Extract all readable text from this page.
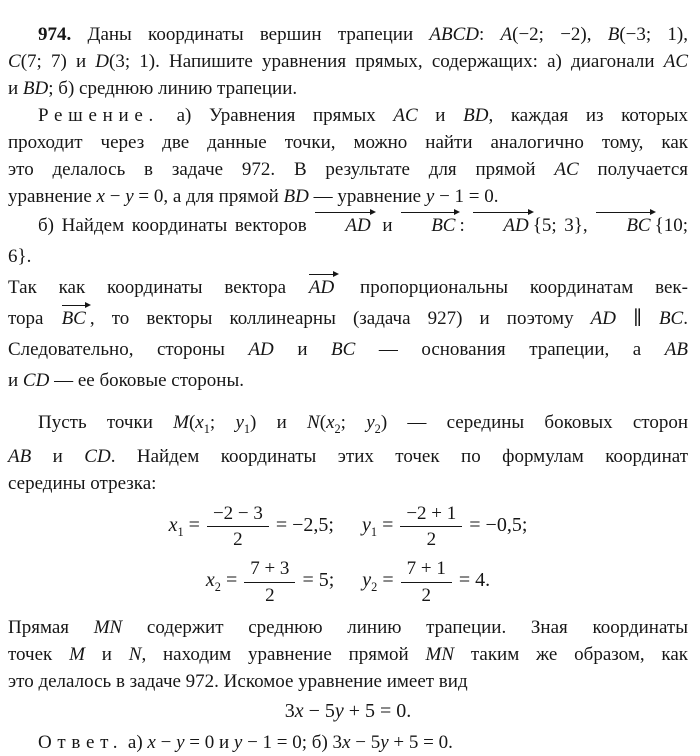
974. Даны координаты вершин трапеции ABCD: A(−2; −2), B(−3; 1),
C(7; 7) и D(3; 1). Напишите уравнения прямых, содержащих: а) диагонали AC
и BD; б) среднюю линию трапеции.
Решение. а) Уравнения прямых AC и BD, каждая из которых
проходит через две данные точки, можно найти аналогично тому, как
это делалось в задаче 972. В результате для прямой AC получается
уравнение x − y = 0, а для прямой BD — уравнение y − 1 = 0.
б) Найдем координаты векторов AD и BC : AD {5; 3}, BC {10; 6}.
Так как координаты вектора AD пропорциональны координатам век-
тора BC , то векторы коллинеарны (задача 927) и поэтому AD ∥ BC.
Следовательно, стороны AD и BC — основания трапеции, а AB
и CD — ее боковые стороны.
Пусть точки $M(x_1$; $y_1$) и $N(x_2$; $y_2$) — середины боковых сторон
AB и CD. Найдем координаты этих точек по формулам координат
середины отрезка:
$x_1 = \frac{-2 - 3}{2} = -2,5$; $y_1 = \frac{-2 + 1}{2} = -0,5$;
$x_2 = \frac{7 + 3}{2} = 5$; $y_2 = \frac{7 + 1}{2} = 4$.
Прямая MN содержит среднюю линию трапеции. Зная координаты
точек M и N, находим уравнение прямой MN таким же образом, как
это делалось в задаче 972. Искомое уравнение имеет вид
3x − 5y + 5 = 0.
Ответ. а) x − y = 0 и y − 1 = 0; б) 3x − 5y + 5 = 0.
